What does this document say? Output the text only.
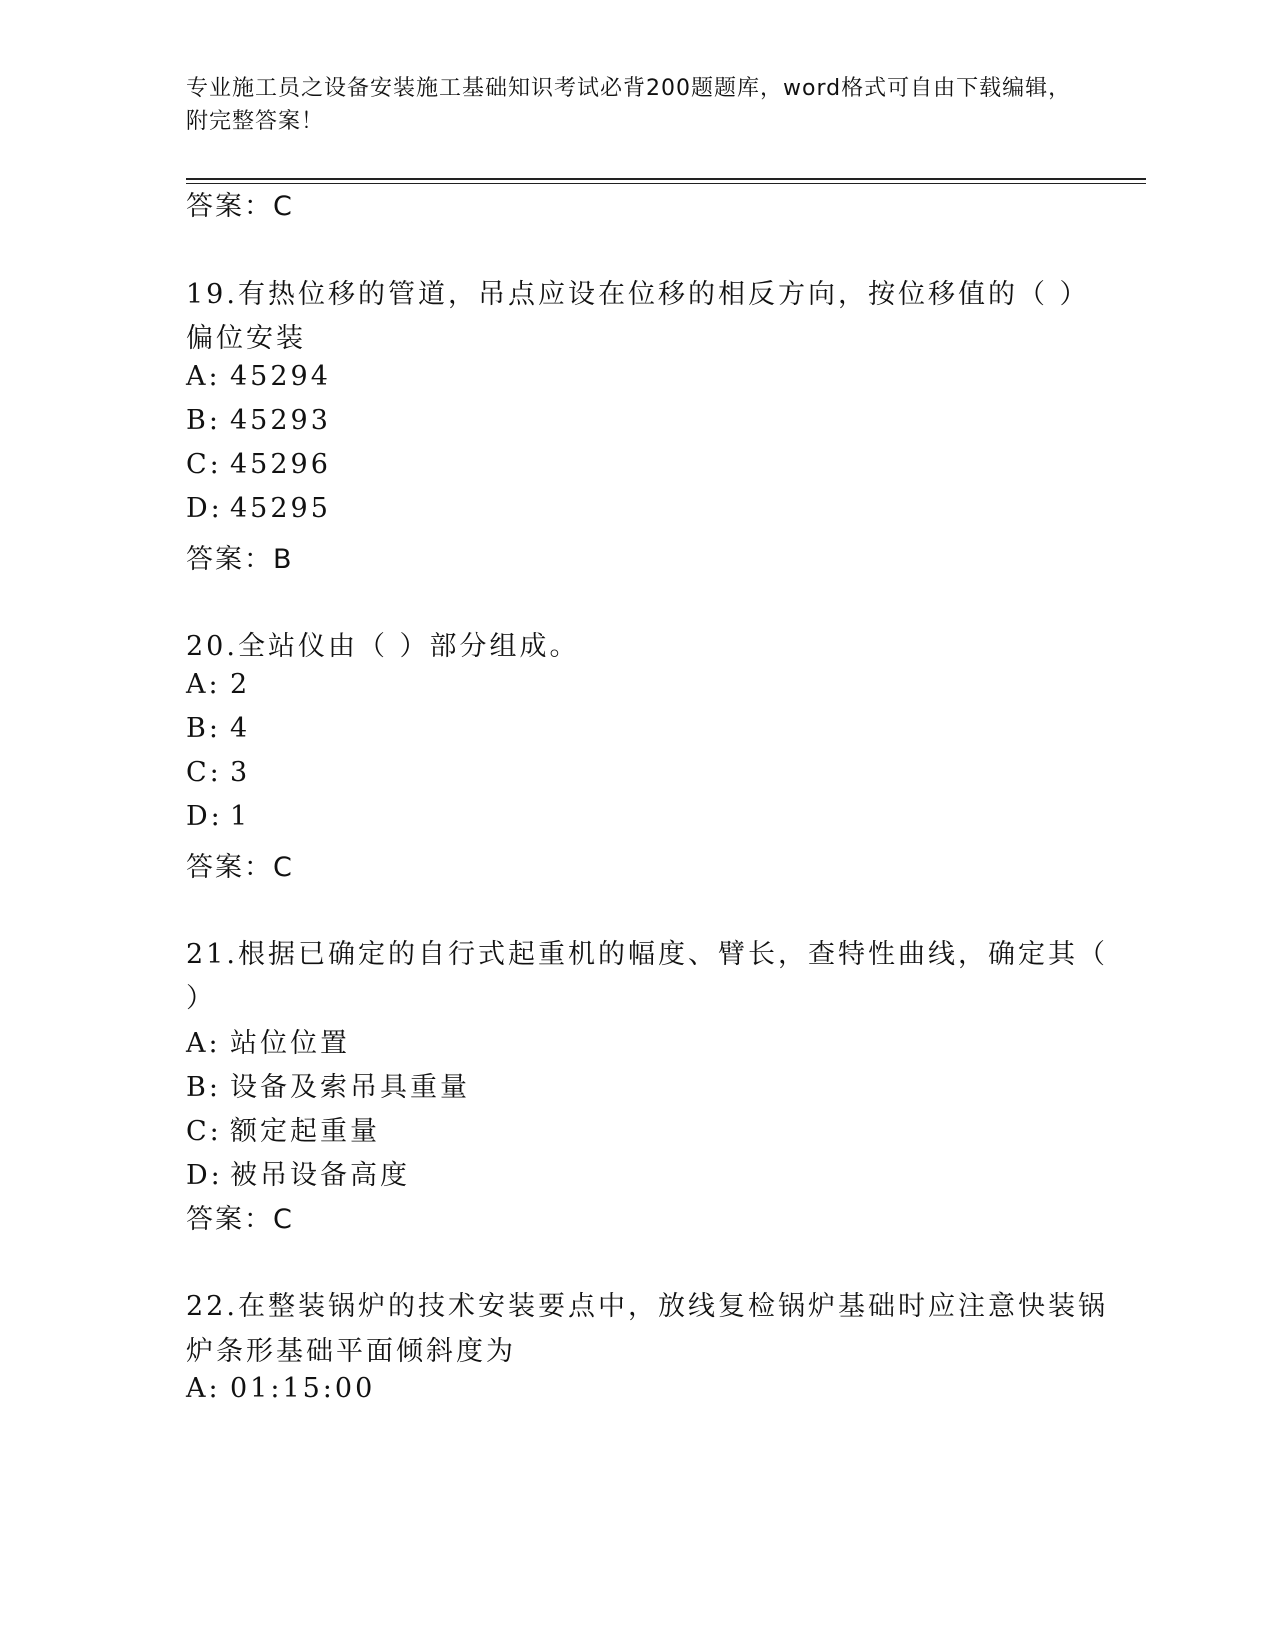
专业施工员之设备安装施工基础知识考试必背200题题库，word格式可自由下载编辑，附完整答案！
答案：C
19.有热位移的管道，吊点应设在位移的相反方向，按位移值的（ ）
偏位安装
A: 45294
B: 45293
C: 45296
D: 45295
答案：B
20.全站仪由（ ）部分组成。
A: 2
B: 4
C: 3
D: 1
答案：C
21.根据已确定的自行式起重机的幅度、臂长，查特性曲线，确定其（
）
A: 站位位置
B: 设备及索吊具重量
C: 额定起重量
D: 被吊设备高度
答案：C
22.在整装锅炉的技术安装要点中，放线复检锅炉基础时应注意快装锅
炉条形基础平面倾斜度为
A: 01:15:00
